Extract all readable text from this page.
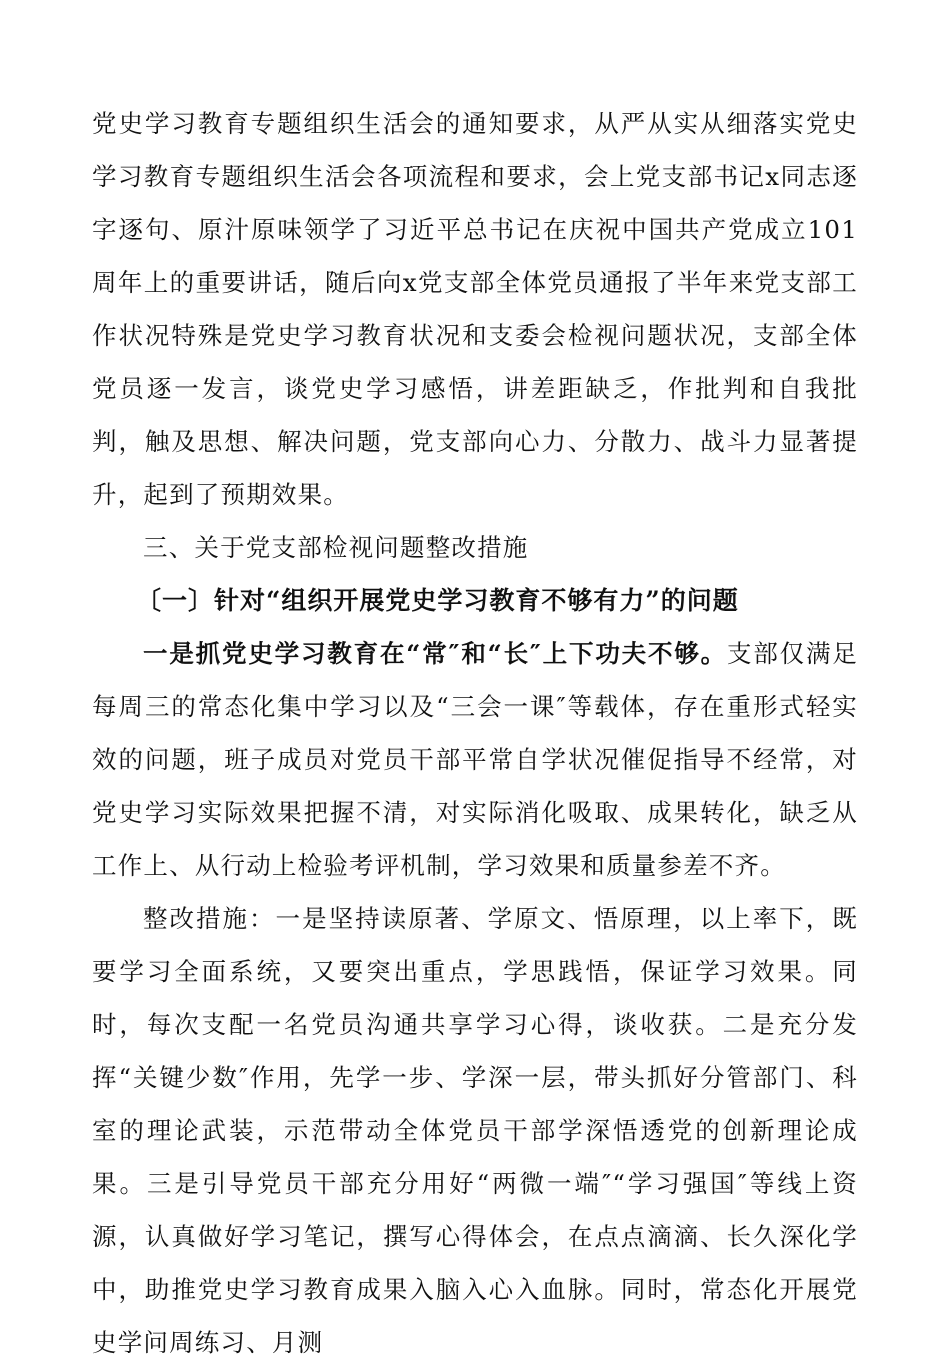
党史学习教育专题组织生活会的通知要求，从严从实从细落实党史学习教育专题组织生活会各项流程和要求，会上党支部书记x同志逐字逐句、原汁原味领学了习近平总书记在庆祝中国共产党成立101周年上的重要讲话，随后向x党支部全体党员通报了半年来党支部工作状况特殊是党史学习教育状况和支委会检视问题状况，支部全体党员逐一发言，谈党史学习感悟，讲差距缺乏，作批判和自我批判，触及思想、解决问题，党支部向心力、分散力、战斗力显著提升，起到了预期效果。

三、关于党支部检视问题整改措施

〔一〕针对“组织开展党史学习教育不够有力”的问题

一是抓党史学习教育在“常″和“长″上下功夫不够。支部仅满足每周三的常态化集中学习以及“三会一课″等载体，存在重形式轻实效的问题，班子成员对党员干部平常自学状况催促指导不经常，对党史学习实际效果把握不清，对实际消化吸取、成果转化，缺乏从工作上、从行动上检验考评机制，学习效果和质量参差不齐。

整改措施：一是坚持读原著、学原文、悟原理，以上率下，既要学习全面系统，又要突出重点，学思践悟，保证学习效果。同时，每次支配一名党员沟通共享学习心得，谈收获。二是充分发挥“关键少数″作用，先学一步、学深一层，带头抓好分管部门、科室的理论武装，示范带动全体党员干部学深悟透党的创新理论成果。三是引导党员干部充分用好“两微一端″“学习强国″等线上资源，认真做好学习笔记，撰写心得体会，在点点滴滴、长久深化学中，助推党史学习教育成果入脑入心入血脉。同时，常态化开展党史学问周练习、月测
